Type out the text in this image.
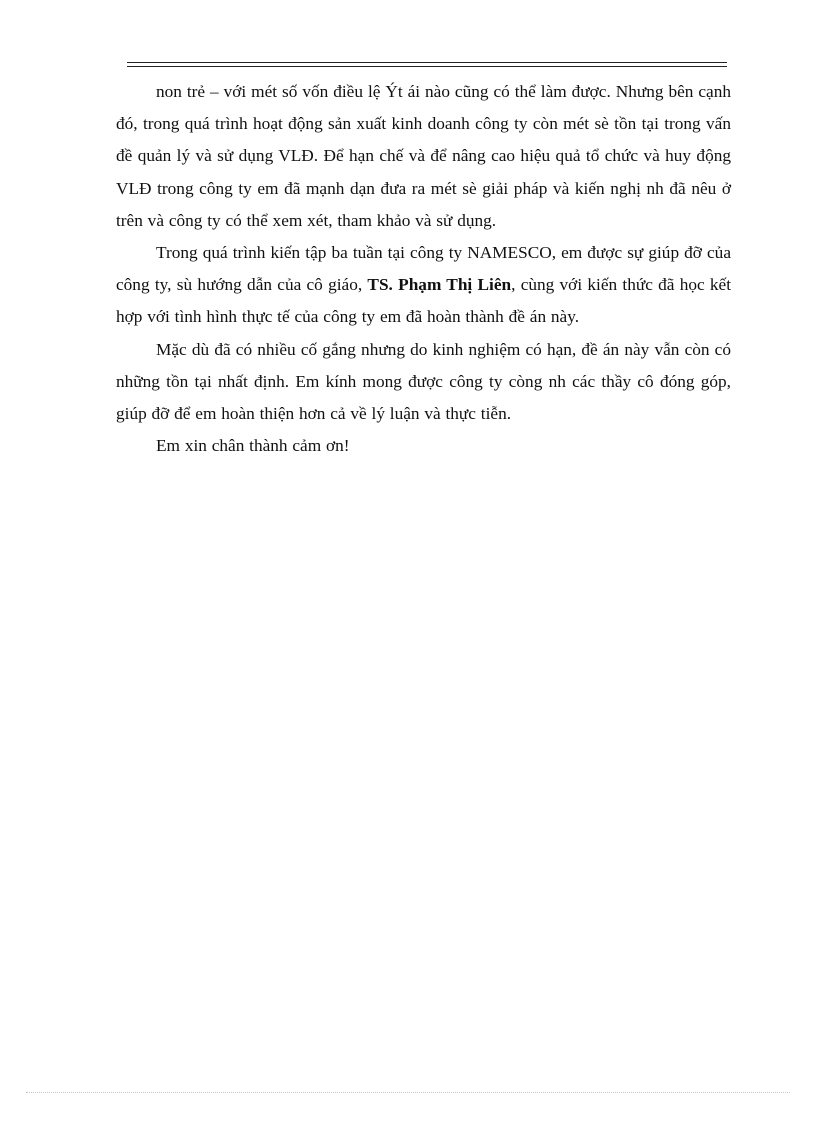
non trẻ – với mét số vốn điều lệ Ýt ái nào cũng có thể làm được. Nhưng bên cạnh đó, trong quá trình hoạt động sản xuất kinh doanh công ty còn mét sè tồn tại trong vấn đề quản lý và sử dụng VLĐ. Để hạn chế và để nâng cao hiệu quả tổ chức và huy động VLĐ trong công ty em đã mạnh dạn đưa ra mét sè giải pháp và kiến nghị nh đã nêu ở trên và công ty có thể xem xét, tham khảo và sử dụng.

Trong quá trình kiến tập ba tuần tại công ty NAMESCO, em được sự giúp đỡ của công ty, sù hướng dẫn của cô giáo, TS. Phạm Thị Liên, cùng với kiến thức đã học kết hợp với tình hình thực tế của công ty em đã hoàn thành đề án này.

Mặc dù đã có nhiều cố gắng nhưng do kinh nghiệm có hạn, đề án này vẫn còn có những tồn tại nhất định. Em kính mong được công ty còng nh các thầy cô đóng góp, giúp đỡ để em hoàn thiện hơn cả về lý luận và thực tiễn.

Em xin chân thành cảm ơn!
